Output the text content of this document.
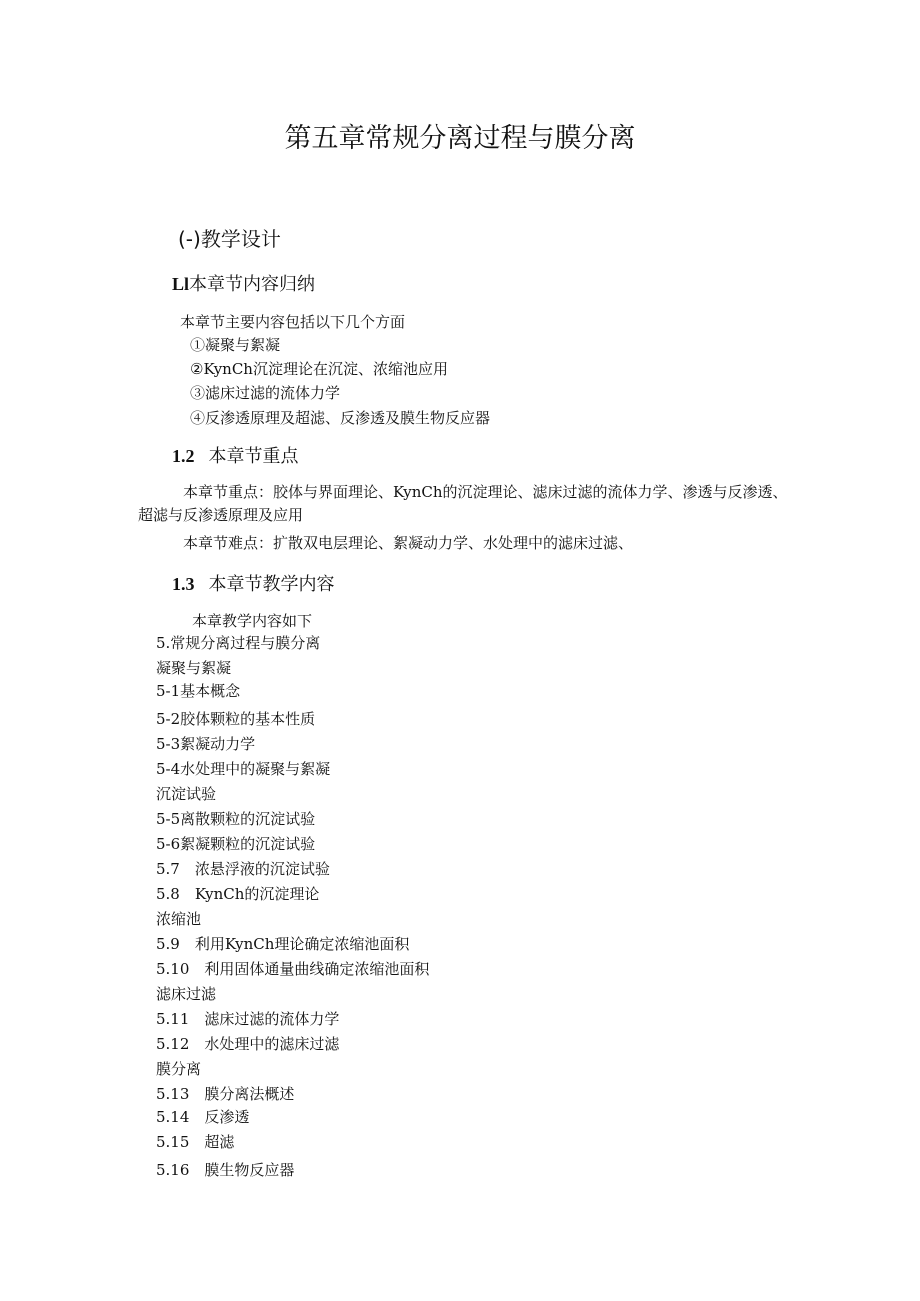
第五章常规分离过程与膜分离
(-)教学设计
Ll本章节内容归纳
本章节主要内容包括以下几个方面
①凝聚与絮凝
②KynCh沉淀理论在沉淀、浓缩池应用
③滤床过滤的流体力学
④反渗透原理及超滤、反渗透及膜生物反应器
1.2 本章节重点
本章节重点：胶体与界面理论、KynCh的沉淀理论、滤床过滤的流体力学、渗透与反渗透、超滤与反渗透原理及应用
本章节难点：扩散双电层理论、絮凝动力学、水处理中的滤床过滤、
1.3 本章节教学内容
本章教学内容如下
5.常规分离过程与膜分离
凝聚与絮凝
5-1基本概念
5-2胶体颗粒的基本性质
5-3絮凝动力学
5-4水处理中的凝聚与絮凝
沉淀试验
5-5离散颗粒的沉淀试验
5-6絮凝颗粒的沉淀试验
5.7　浓悬浮液的沉淀试验
5.8　KynCh的沉淀理论
浓缩池
5.9　利用KynCh理论确定浓缩池面积
5.10　利用固体通量曲线确定浓缩池面积
滤床过滤
5.11　滤床过滤的流体力学
5.12　水处理中的滤床过滤
膜分离
5.13　膜分离法概述
5.14　反渗透
5.15　超滤
5.16　膜生物反应器
